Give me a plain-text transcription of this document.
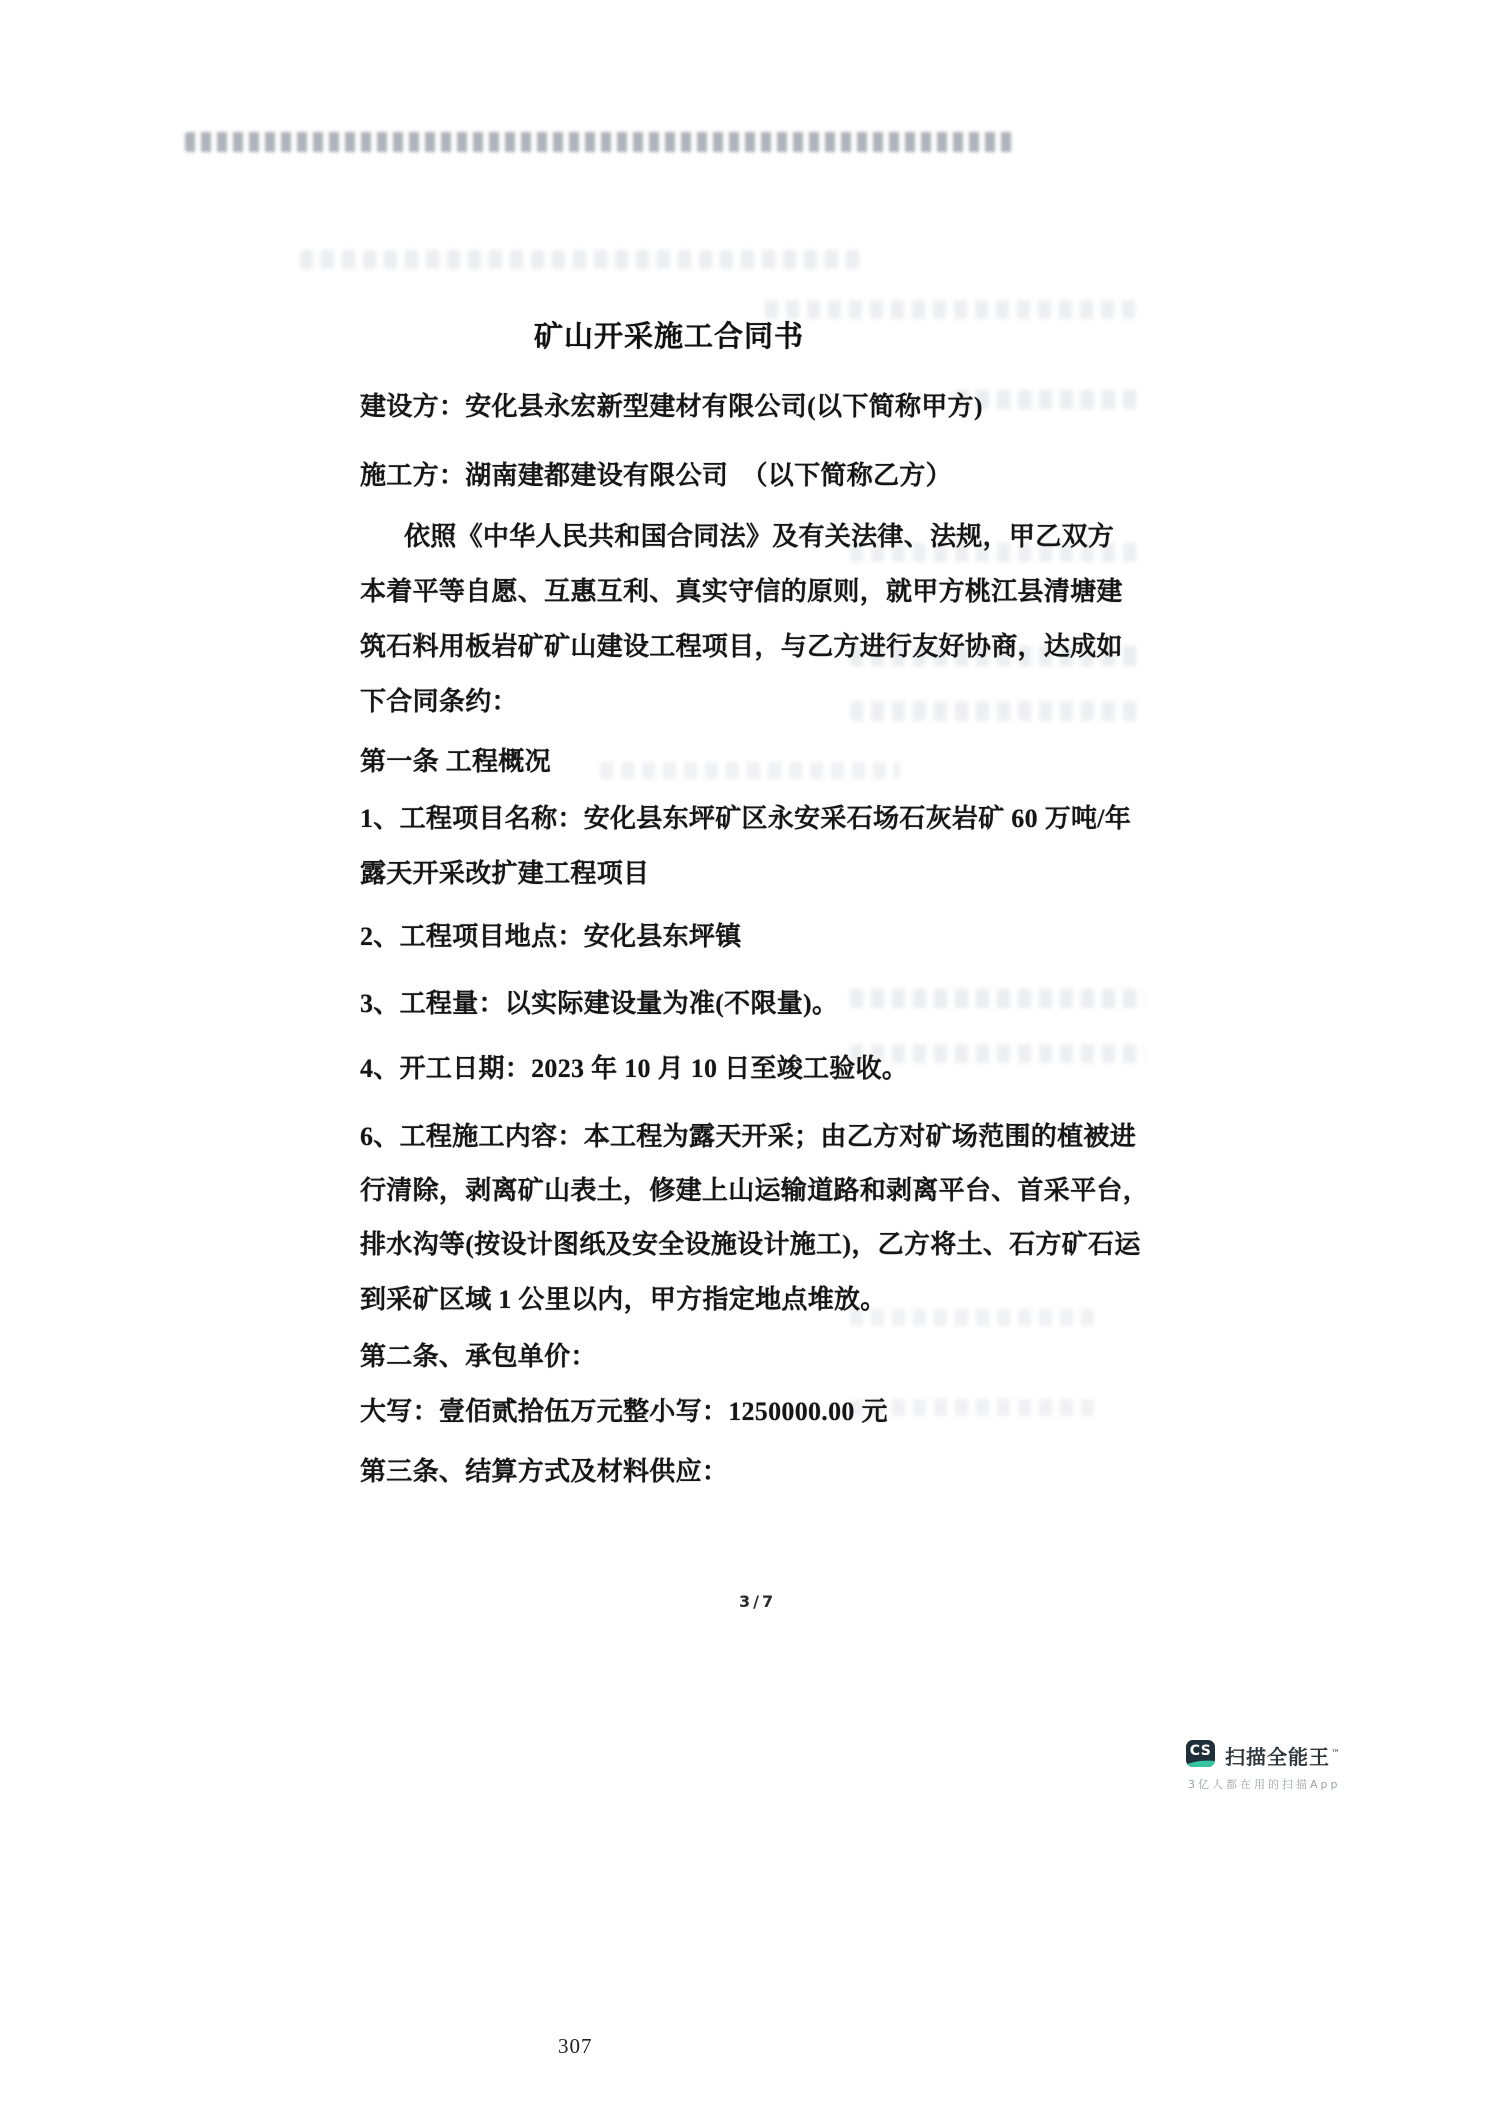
矿山开采施工合同书
建设方：安化县永宏新型建材有限公司(以下简称甲方)
施工方：湖南建都建设有限公司　（以下简称乙方）
依照《中华人民共和国合同法》及有关法律、法规，甲乙双方
本着平等自愿、互惠互利、真实守信的原则，就甲方桃江县清塘建
筑石料用板岩矿矿山建设工程项目，与乙方进行友好协商，达成如
下合同条约：
第一条 工程概况
1、工程项目名称：安化县东坪矿区永安采石场石灰岩矿 60 万吨/年
露天开采改扩建工程项目
2、工程项目地点：安化县东坪镇
3、工程量：以实际建设量为准(不限量)。
4、开工日期：2023 年 10 月 10 日至竣工验收。
6、工程施工内容：本工程为露天开采；由乙方对矿场范围的植被进
行清除，剥离矿山表土，修建上山运输道路和剥离平台、首采平台，
排水沟等(按设计图纸及安全设施设计施工)，乙方将土、石方矿石运
到采矿区域 1 公里以内，甲方指定地点堆放。
第二条、承包单价：
大写：壹佰贰拾伍万元整小写：1250000.00 元
第三条、结算方式及材料供应：
3/7
CS 扫描全能王™
3亿人都在用的扫描App
307
